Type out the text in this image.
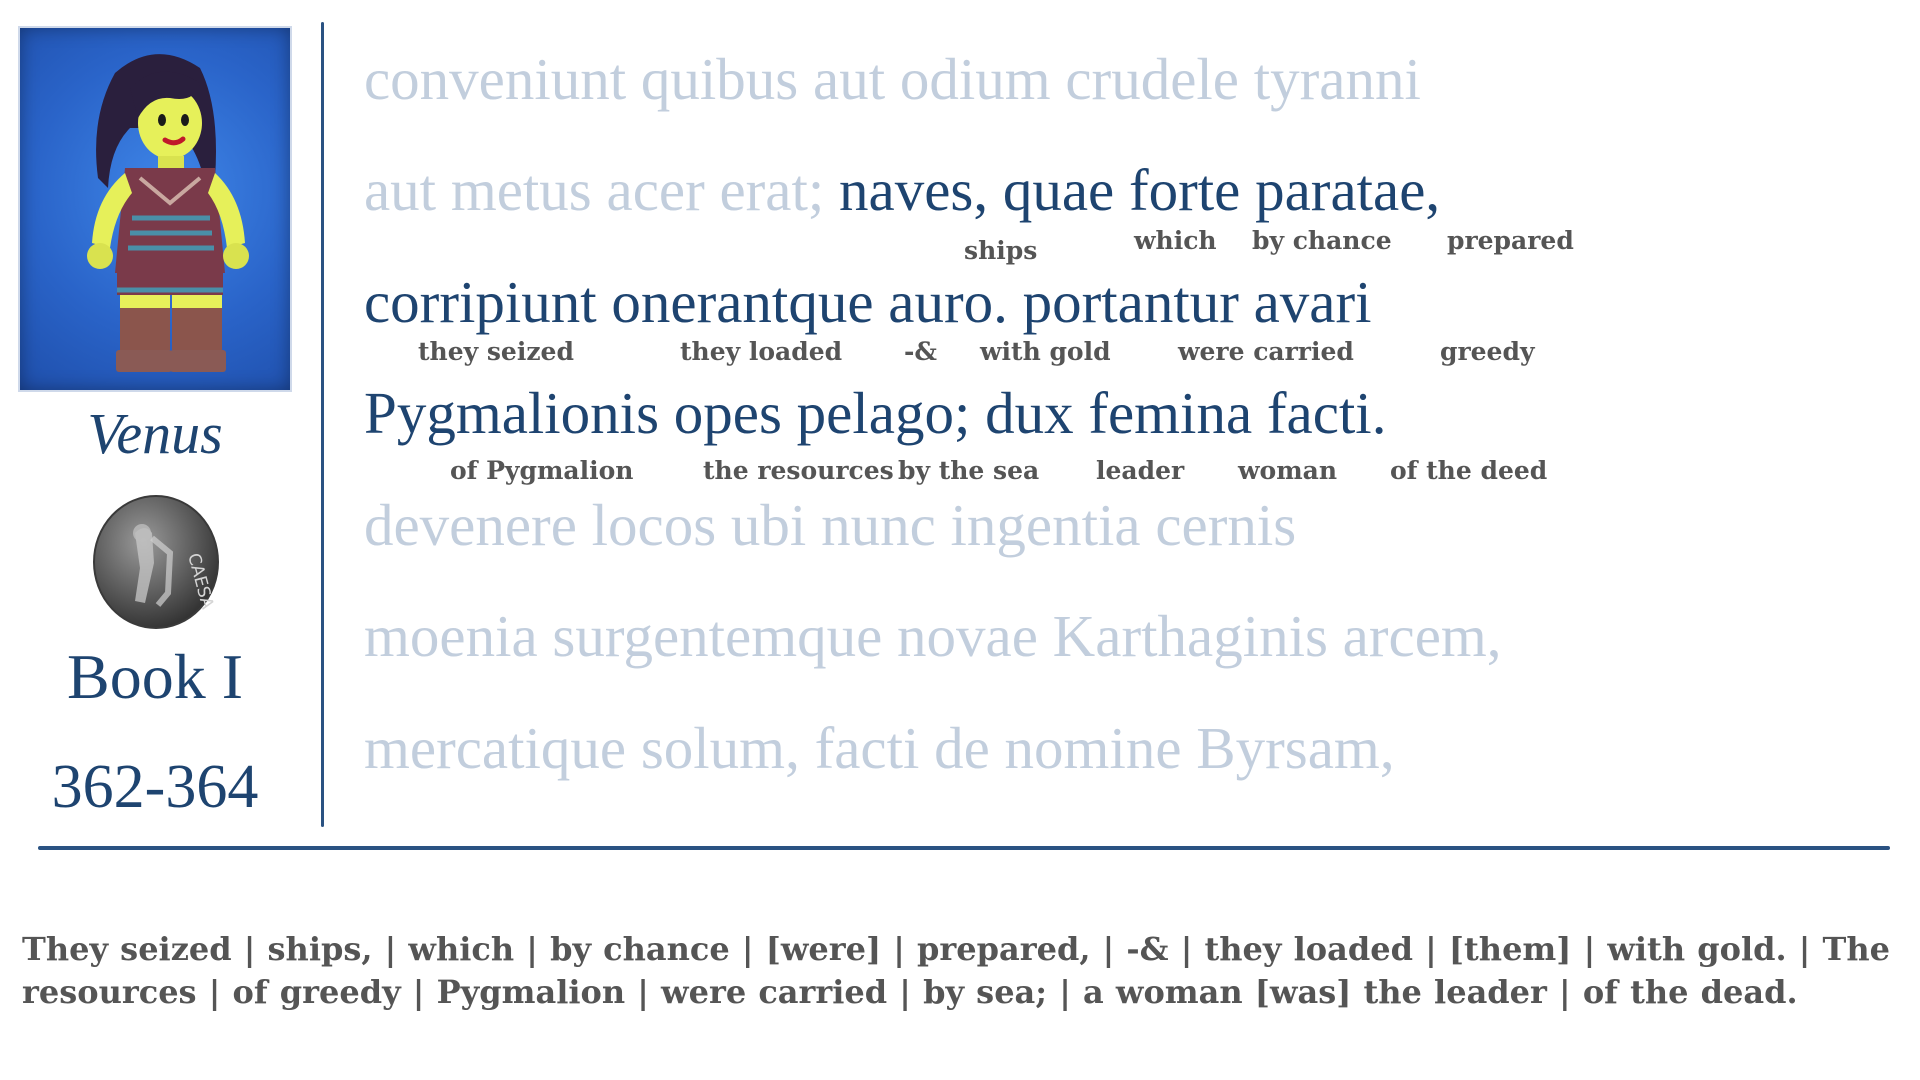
Venus
CAESA
Book I
362-364
conveniunt quibus aut odium crudele tyranni
aut metus acer erat; naves, quae forte paratae,
corripiunt onerantque auro. portantur avari
Pygmalionis opes pelago; dux femina facti.
devenere locos ubi nunc ingentia cernis
moenia surgentemque novae Karthaginis arcem,
mercatique solum, facti de nomine Byrsam,
ships	which by chance prepared
they seized	they loaded -& with gold	were carried	greedy
of Pygmalion	the resources by the sea leader woman of the deed
They seized | ships, | which | by chance | [were] | prepared, | -& | they loaded | [them] | with gold. | The resources | of greedy | Pygmalion | were carried | by sea; | a woman [was] the leader | of the dead.
